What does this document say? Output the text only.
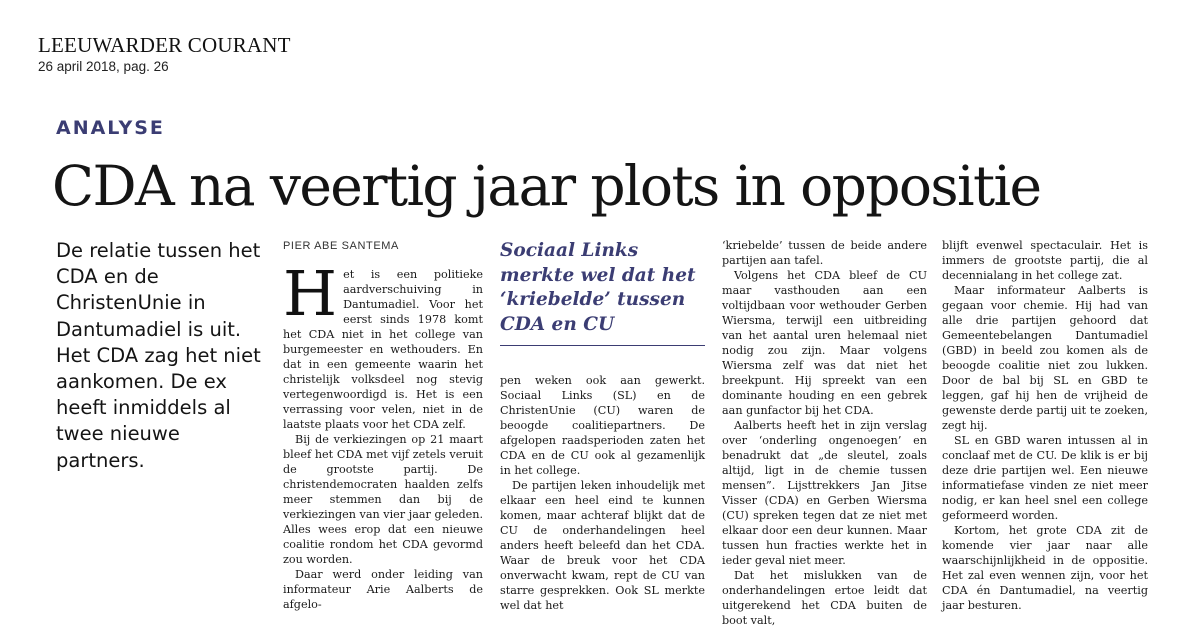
LEEUWARDER COURANT
26 april 2018, pag. 26
ANALYSE
CDA na veertig jaar plots in oppositie
De relatie tussen het CDA en de ChristenUnie in Dantumadiel is uit. Het CDA zag het niet aankomen. De ex heeft inmiddels al twee nieuwe partners.
PIER ABE SANTEMA

Het is een politieke aardverschuiving in Dantumadiel. Voor het eerst sinds 1978 komt het CDA niet in het college van burgemeester en wethouders. En dat in een gemeente waarin het christelijk volksdeel nog stevig vertegenwoordigd is. Het is een verrassing voor velen, niet in de laatste plaats voor het CDA zelf.

Bij de verkiezingen op 21 maart bleef het CDA met vijf zetels veruit de grootste partij. De christendemocraten haalden zelfs meer stemmen dan bij de verkiezingen van vier jaar geleden. Alles wees erop dat een nieuwe coalitie rondom het CDA gevormd zou worden.

Daar werd onder leiding van informateur Arie Aalberts de afgelo-

Sociaal Links merkte wel dat het ‘kriebelde’ tussen CDA en CU

pen weken ook aan gewerkt. Sociaal Links (SL) en de ChristenUnie (CU) waren de beoogde coalitiepartners. De afgelopen raadsperioden zaten het CDA en de CU ook al gezamenlijk in het college.

De partijen leken inhoudelijk met elkaar een heel eind te kunnen komen, maar achteraf blijkt dat de CU de onderhandelingen heel anders heeft beleefd dan het CDA. Waar de breuk voor het CDA onverwacht kwam, rept de CU van starre gesprekken. Ook SL merkte wel dat het

‘kriebelde’ tussen de beide andere partijen aan tafel.

Volgens het CDA bleef de CU maar vasthouden aan een voltijdbaan voor wethouder Gerben Wiersma, terwijl een uitbreiding van het aantal uren helemaal niet nodig zou zijn. Maar volgens Wiersma zelf was dat niet het breekpunt. Hij spreekt van een dominante houding en een gebrek aan gunfactor bij het CDA.

Aalberts heeft het in zijn verslag over ‘onderling ongenoegen’ en benadrukt dat „de sleutel, zoals altijd, ligt in de chemie tussen mensen”. Lijsttrekkers Jan Jitse Visser (CDA) en Gerben Wiersma (CU) spreken tegen dat ze niet met elkaar door een deur kunnen. Maar tussen hun fracties werkte het in ieder geval niet meer.

Dat het mislukken van de onderhandelingen ertoe leidt dat uitgerekend het CDA buiten de boot valt,

blijft evenwel spectaculair. Het is immers de grootste partij, die al decennialang in het college zat.

Maar informateur Aalberts is gegaan voor chemie. Hij had van alle drie partijen gehoord dat Gemeentebelangen Dantumadiel (GBD) in beeld zou komen als de beoogde coalitie niet zou lukken. Door de bal bij SL en GBD te leggen, gaf hij hen de vrijheid de gewenste derde partij uit te zoeken, zegt hij.

SL en GBD waren intussen al in conclaaf met de CU. De klik is er bij deze drie partijen wel. Een nieuwe informatiefase vinden ze niet meer nodig, er kan heel snel een college geformeerd worden.

Kortom, het grote CDA zit de komende vier jaar naar alle waarschijnlijkheid in de oppositie. Het zal even wennen zijn, voor het CDA én Dantumadiel, na veertig jaar besturen.
